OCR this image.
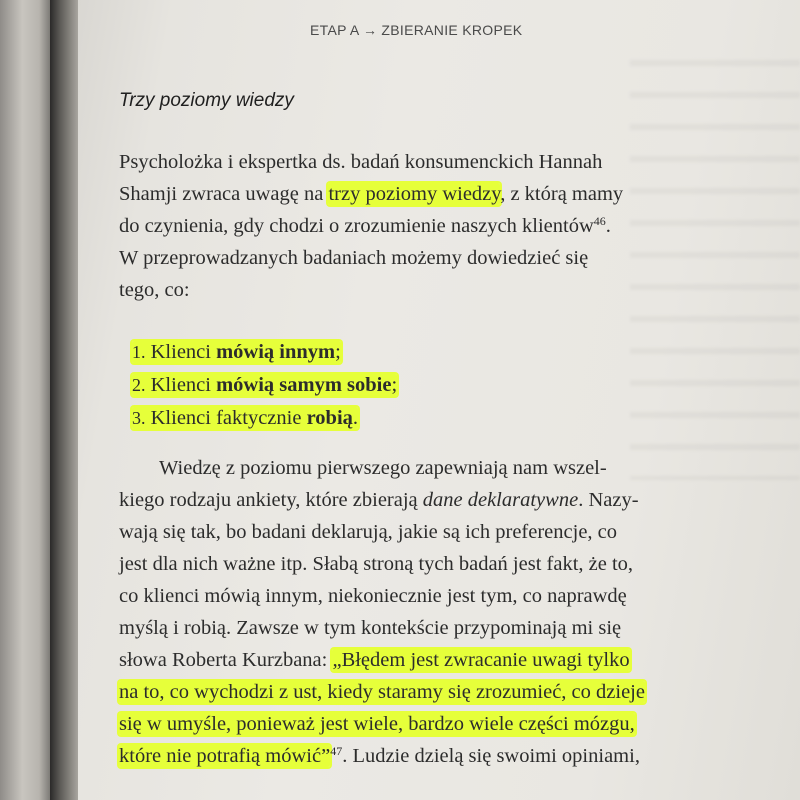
ETAP A → ZBIERANIE KROPEK
Trzy poziomy wiedzy
Psycholożka i ekspertka ds. badań konsumenckich Hannah
Shamji zwraca uwagę na trzy poziomy wiedzy, z którą mamy
do czynienia, gdy chodzi o zrozumienie naszych klientów$^{46}$.
W przeprowadzanych badaniach możemy dowiedzieć się
tego, co:
1. Klienci mówią innym;
2. Klienci mówią samym sobie;
3. Klienci faktycznie robią.
Wiedzę z poziomu pierwszego zapewniają nam wszel-
kiego rodzaju ankiety, które zbierają dane deklaratywne. Nazy-
wają się tak, bo badani deklarują, jakie są ich preferencje, co
jest dla nich ważne itp. Słabą stroną tych badań jest fakt, że to,
co klienci mówią innym, niekoniecznie jest tym, co naprawdę
myślą i robią. Zawsze w tym kontekście przypominają mi się
słowa Roberta Kurzbana: „Błędem jest zwracanie uwagi tylko
na to, co wychodzi z ust, kiedy staramy się zrozumieć, co dzieje
się w umyśle, ponieważ jest wiele, bardzo wiele części mózgu,
które nie potrafią mówić”$^{47}$. Ludzie dzielą się swoimi opiniami,
